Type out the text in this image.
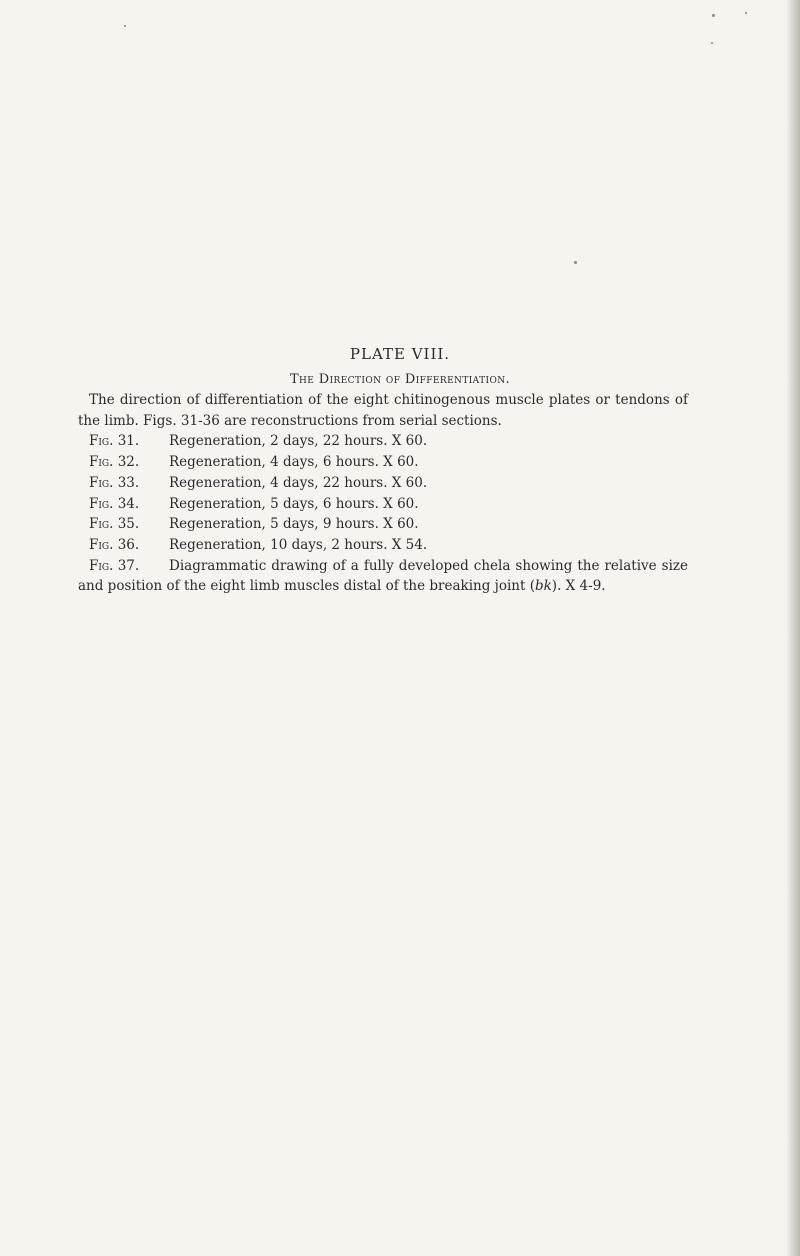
PLATE VIII.
The Direction of Differentiation.

The direction of differentiation of the eight chitinogenous muscle plates or tendons of the limb. Figs. 31-36 are reconstructions from serial sections.

Fig. 31.	Regeneration, 2 days, 22 hours. X 60.
Fig. 32.	Regeneration, 4 days, 6 hours. X 60.
Fig. 33.	Regeneration, 4 days, 22 hours. X 60.
Fig. 34.	Regeneration, 5 days, 6 hours. X 60.
Fig. 35.	Regeneration, 5 days, 9 hours. X 60.
Fig. 36.	Regeneration, 10 days, 2 hours. X 54.

Fig. 37. Diagrammatic drawing of a fully developed chela showing the relative size and position of the eight limb muscles distal of the breaking joint (bk). X 4-9.
